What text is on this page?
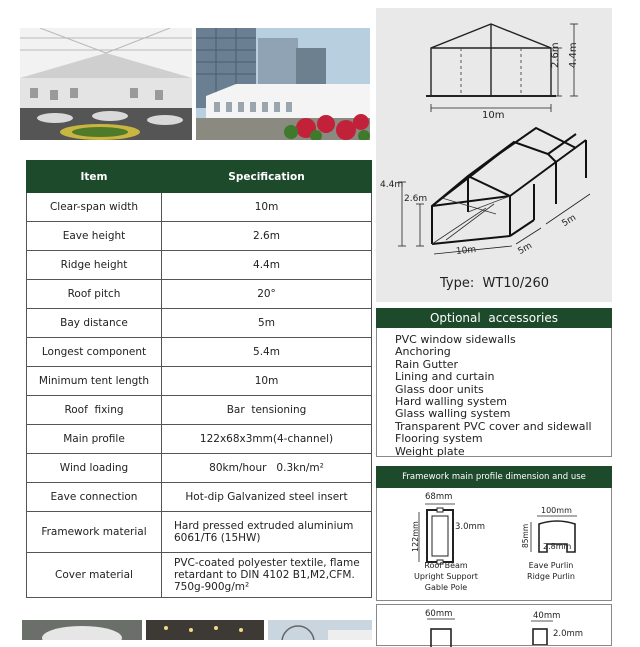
10m
2.6m 4.4m
4.4m
2.6m
10m	5m
5m
Type:  WT10/260
Item	Specification
Clear-span width	10m
Eave height	2.6m
Ridge height	4.4m
Roof pitch	20°
Bay distance	5m
Longest component	5.4m
Minimum tent length	10m
Roof  fixing	Bar  tensioning
Main profile	122x68x3mm(4-channel)
Wind loading	80km/hour   0.3kn/m²
Eave connection	Hot-dip Galvanized steel insert
Framework material	Hard pressed extruded aluminium 6061/T6 (15HW)
Cover material	PVC-coated polyester textile, flame retardant to DIN 4102 B1,M2,CFM. 750g-900g/m²
Optional  accessories
PVC window sidewalls
Anchoring
Rain Gutter
Lining and curtain
Glass door units
Hard walling system
Glass walling system
Transparent PVC cover and sidewall
Flooring system
Weight plate
Framework main profile dimension and use
68mm
122mm	3.0mm
Roof Beam
Upright Support
Gable Pole
100mm
85mm 2.8mm
Eave Purlin
Ridge Purlin
60mm	40mm
2.0mm
